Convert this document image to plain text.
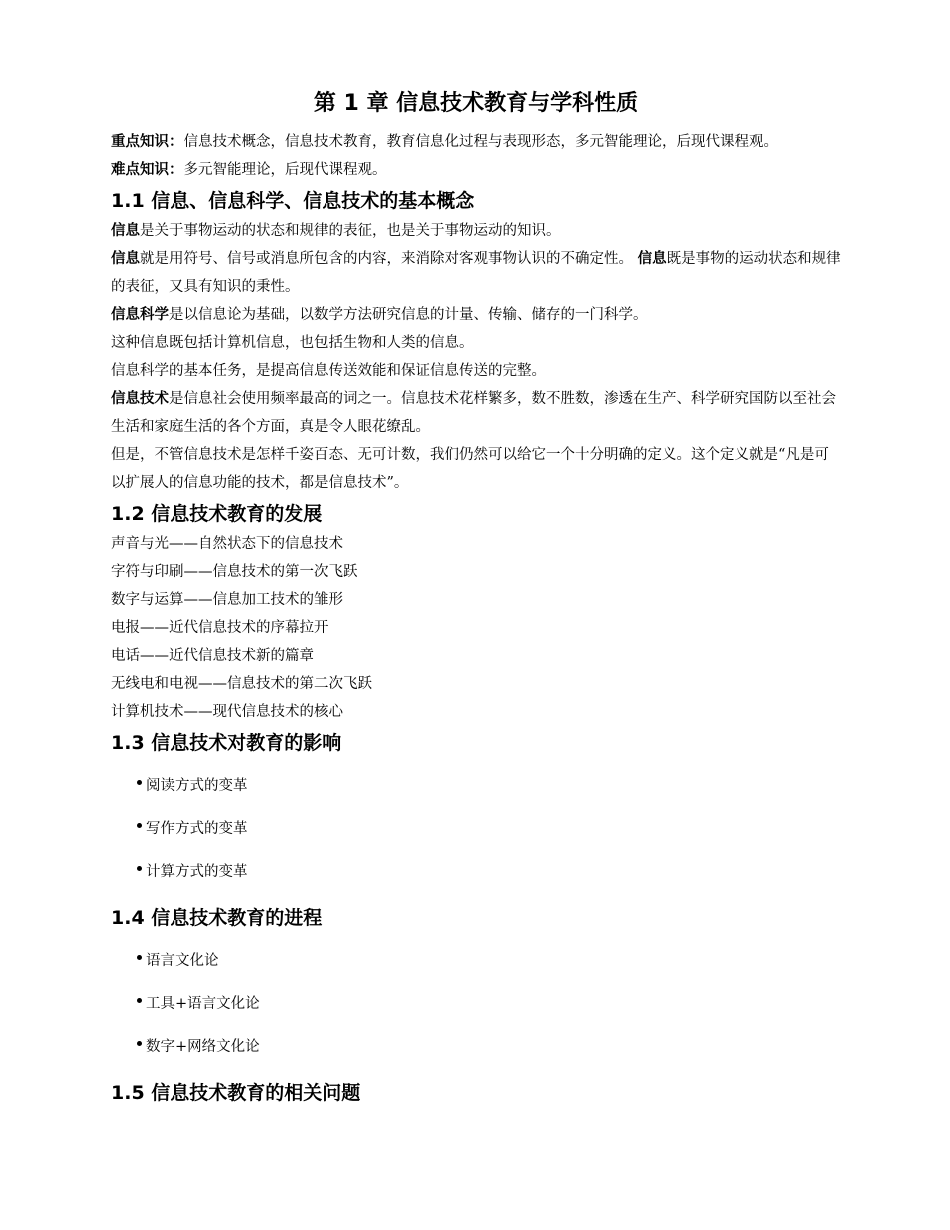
第 1 章 信息技术教育与学科性质

重点知识：信息技术概念，信息技术教育，教育信息化过程与表现形态，多元智能理论，后现代课程观。

难点知识：多元智能理论，后现代课程观。

1.1 信息、信息科学、信息技术的基本概念

信息是关于事物运动的状态和规律的表征，也是关于事物运动的知识。

信息就是用符号、信号或消息所包含的内容，来消除对客观事物认识的不确定性。 信息既是事物的运动状态和规律的表征，又具有知识的秉性。

信息科学是以信息论为基础，以数学方法研究信息的计量、传输、储存的一门科学。

这种信息既包括计算机信息，也包括生物和人类的信息。

信息科学的基本任务，是提高信息传送效能和保证信息传送的完整。

信息技术是信息社会使用频率最高的词之一。信息技术花样繁多，数不胜数，渗透在生产、科学研究国防以至社会生活和家庭生活的各个方面，真是令人眼花缭乱。

但是，不管信息技术是怎样千姿百态、无可计数，我们仍然可以给它一个十分明确的定义。这个定义就是“凡是可以扩展人的信息功能的技术，都是信息技术”。

1.2 信息技术教育的发展

声音与光——自然状态下的信息技术

字符与印刷——信息技术的第一次飞跃

数字与运算——信息加工技术的雏形

电报——近代信息技术的序幕拉开

电话——近代信息技术新的篇章

无线电和电视——信息技术的第二次飞跃

计算机技术——现代信息技术的核心

1.3 信息技术对教育的影响
阅读方式的变革
写作方式的变革
计算方式的变革
1.4 信息技术教育的进程
语言文化论
工具+语言文化论
数字+网络文化论
1.5 信息技术教育的相关问题
